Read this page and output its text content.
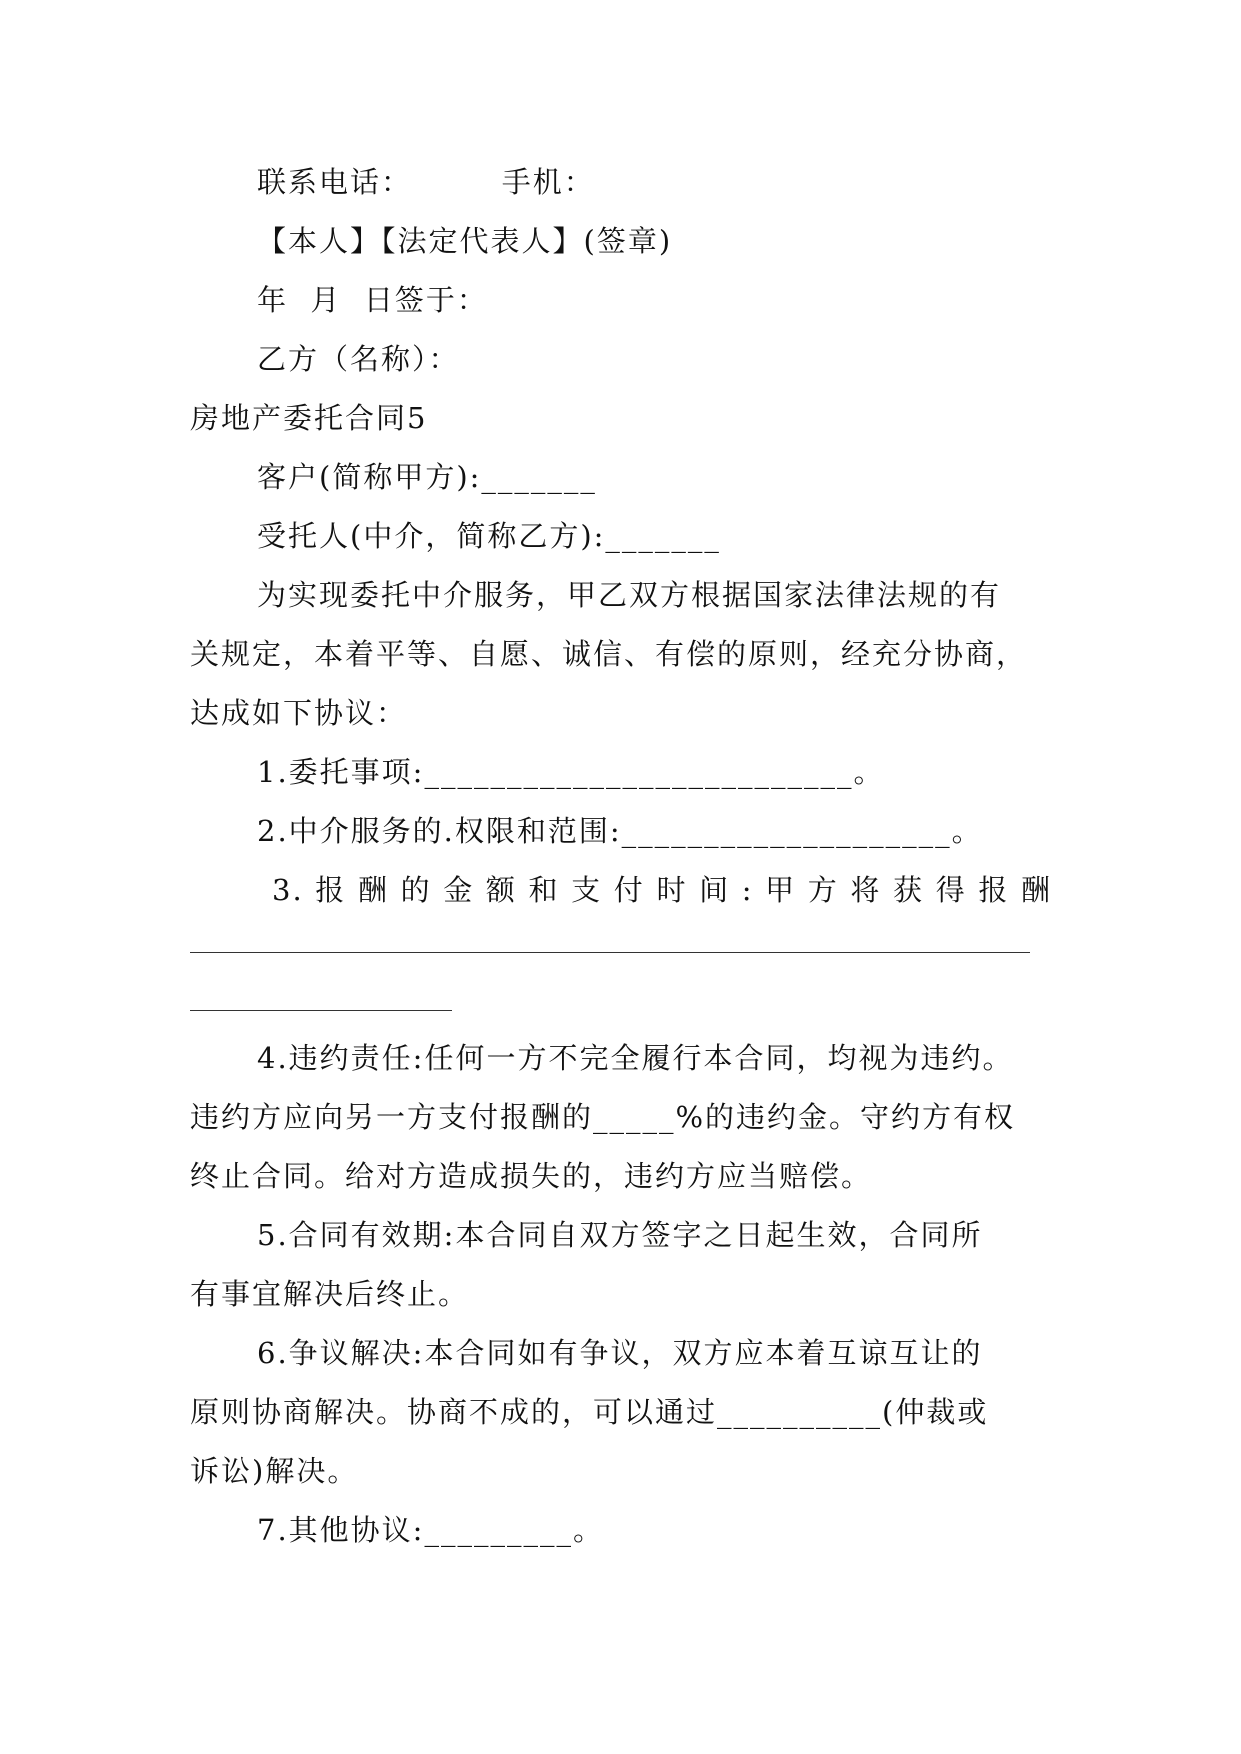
联系电话：        手机：
【本人】【法定代表人】(签章)
年  月  日签于：
乙方（名称）：
房地产委托合同5
客户(简称甲方):_______
受托人(中介，简称乙方):_______
为实现委托中介服务，甲乙双方根据国家法律法规的有
关规定，本着平等、自愿、诚信、有偿的原则，经充分协商，
达成如下协议：
1.委托事项:__________________________。
2.中介服务的.权限和范围:____________________。
3.报酬的金额和支付时间:甲方将获得报酬
4.违约责任:任何一方不完全履行本合同，均视为违约。
违约方应向另一方支付报酬的_____%的违约金。守约方有权
终止合同。给对方造成损失的，违约方应当赔偿。
5.合同有效期:本合同自双方签字之日起生效，合同所
有事宜解决后终止。
6.争议解决:本合同如有争议，双方应本着互谅互让的
原则协商解决。协商不成的，可以通过__________(仲裁或
诉讼)解决。
7.其他协议:_________。
